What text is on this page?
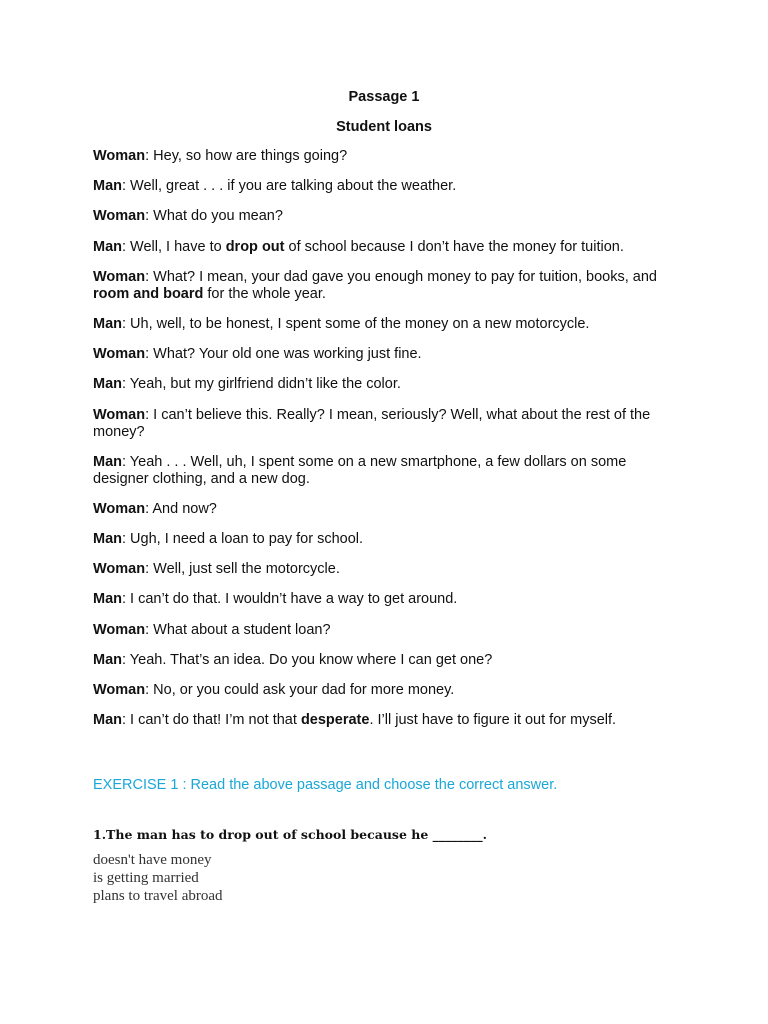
Passage 1
Student loans
Woman: Hey, so how are things going?
Man: Well, great . . . if you are talking about the weather.
Woman: What do you mean?
Man: Well, I have to drop out of school because I don’t have the money for tuition.
Woman: What? I mean, your dad gave you enough money to pay for tuition, books, and room and board for the whole year.
Man: Uh, well, to be honest, I spent some of the money on a new motorcycle.
Woman: What? Your old one was working just fine.
Man: Yeah, but my girlfriend didn’t like the color.
Woman: I can’t believe this. Really? I mean, seriously? Well, what about the rest of the money?
Man: Yeah . . . Well, uh, I spent some on a new smartphone, a few dollars on some designer clothing, and a new dog.
Woman: And now?
Man: Ugh, I need a loan to pay for school.
Woman: Well, just sell the motorcycle.
Man: I can’t do that. I wouldn’t have a way to get around.
Woman: What about a student loan?
Man: Yeah. That’s an idea. Do you know where I can get one?
Woman: No, or you could ask your dad for more money.
Man: I can’t do that! I’m not that desperate. I’ll just have to figure it out for myself.
EXERCISE 1 : Read the above passage and choose the correct answer.
1.The man has to drop out of school because he ________.
doesn't have money
is getting married
plans to travel abroad
